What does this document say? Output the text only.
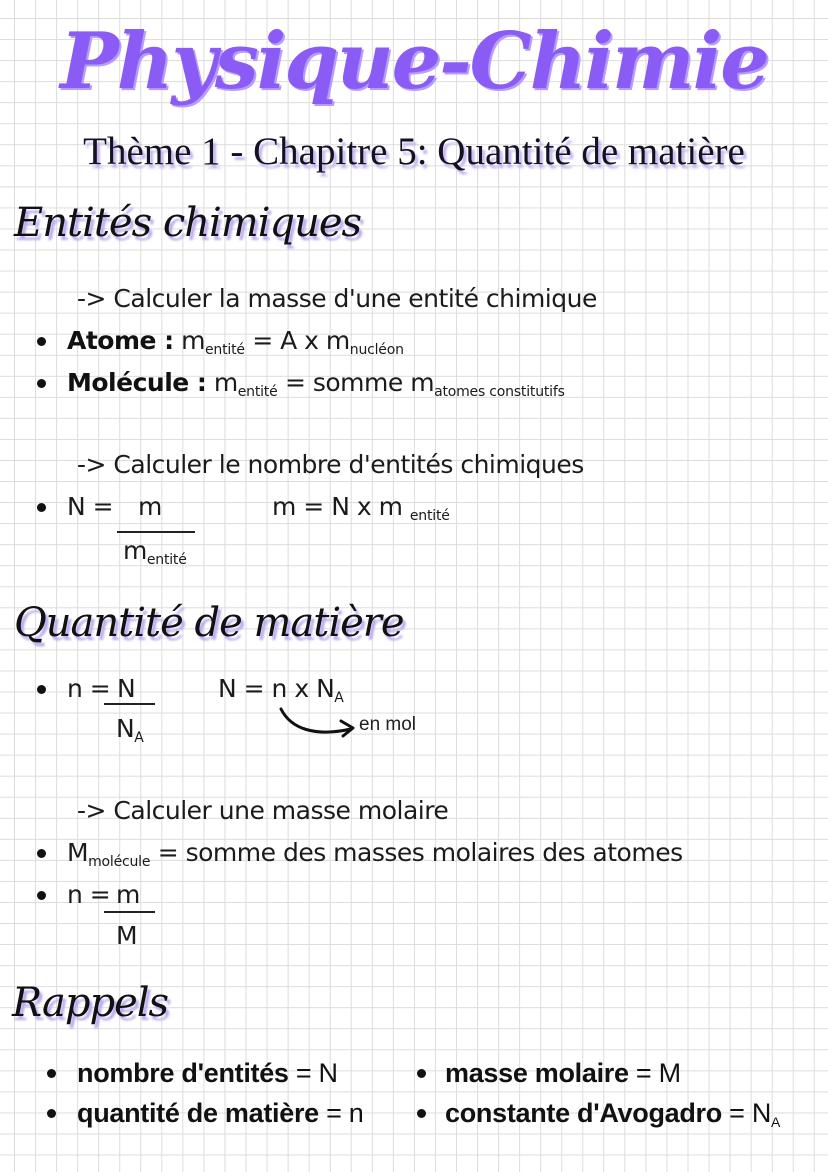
Physique-Chimie
Thème 1 - Chapitre 5: Quantité de matière
Entités chimiques
-> Calculer la masse d'une entité chimique
Atome : $m_{entité} = A$ x $m_{nucléon}$
Molécule : $m_{entité}$ = somme $m_{atomes constitutifs}$
-> Calculer le nombre d'entités chimiques
N = m
$m_{entité}$
m = N x m $_{entité}$
Quantité de matière
n = N
$N_A$
N = n x $N_A$
en mol
-> Calculer une masse molaire
$M_{molécule}$ = somme des masses molaires des atomes
n = m
M
Rappels
nombre d'entités = N	masse molaire = M
quantité de matière = n	constante d'Avogadro = $N_A$
